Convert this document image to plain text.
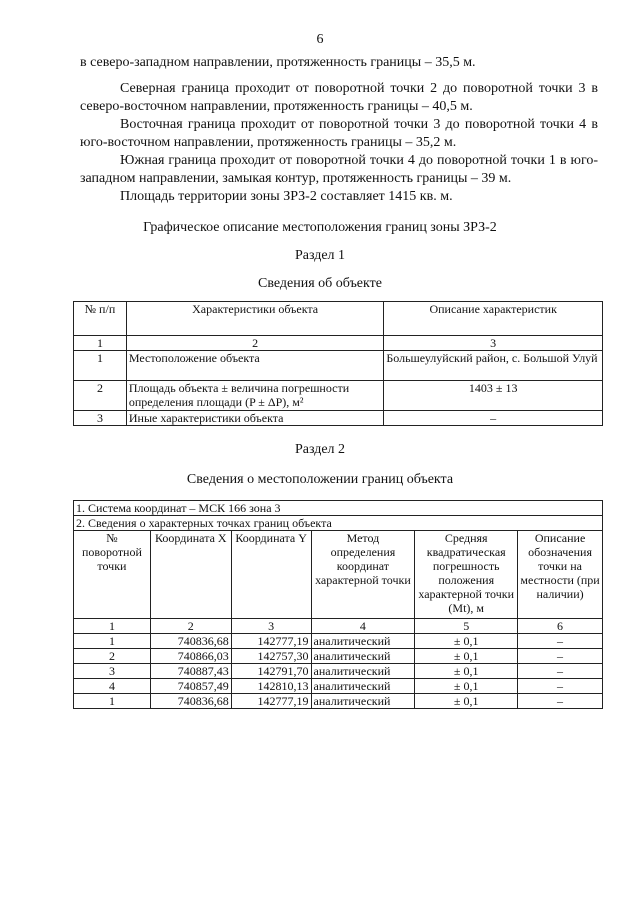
6
в северо-западном направлении, протяженность границы – 35,5 м.
Северная граница проходит от поворотной точки 2 до поворотной точки 3 в северо-восточном направлении, протяженность границы – 40,5 м.
Восточная граница проходит от поворотной точки 3 до поворотной точки 4 в юго-восточном направлении, протяженность границы – 35,2 м.
Южная граница проходит от поворотной точки 4 до поворотной точки 1 в юго-западном направлении, замыкая контур, протяженность границы – 39 м.
Площадь территории зоны ЗРЗ-2 составляет 1415 кв. м.
Графическое описание местоположения границ зоны ЗРЗ-2
Раздел 1
Сведения об объекте
№ п/п	Характеристики объекта	Описание характеристик
1	2	3
1	Местоположение объекта	Большеулуйский район, с. Большой Улуй
2	Площадь объекта ± величина погрешности определения площади (P ± ΔP), м²	1403 ± 13
3	Иные характеристики объекта	–
Раздел 2
Сведения о местоположении границ объекта
1. Система координат – МСК 166 зона 3					
2. Сведения о характерных точках границ объекта					
№ поворотной точки	Координата X	Координата Y	Метод определения координат характерной точки	Средняя квадратическая погрешность положения характерной точки (Mt), м	Описание обозначения точки на местности (при наличии)
1	2	3	4	5	6
1	740836,68	142777,19	аналитический	± 0,1	–
2	740866,03	142757,30	аналитический	± 0,1	–
3	740887,43	142791,70	аналитический	± 0,1	–
4	740857,49	142810,13	аналитический	± 0,1	–
1	740836,68	142777,19	аналитический	± 0,1	–
